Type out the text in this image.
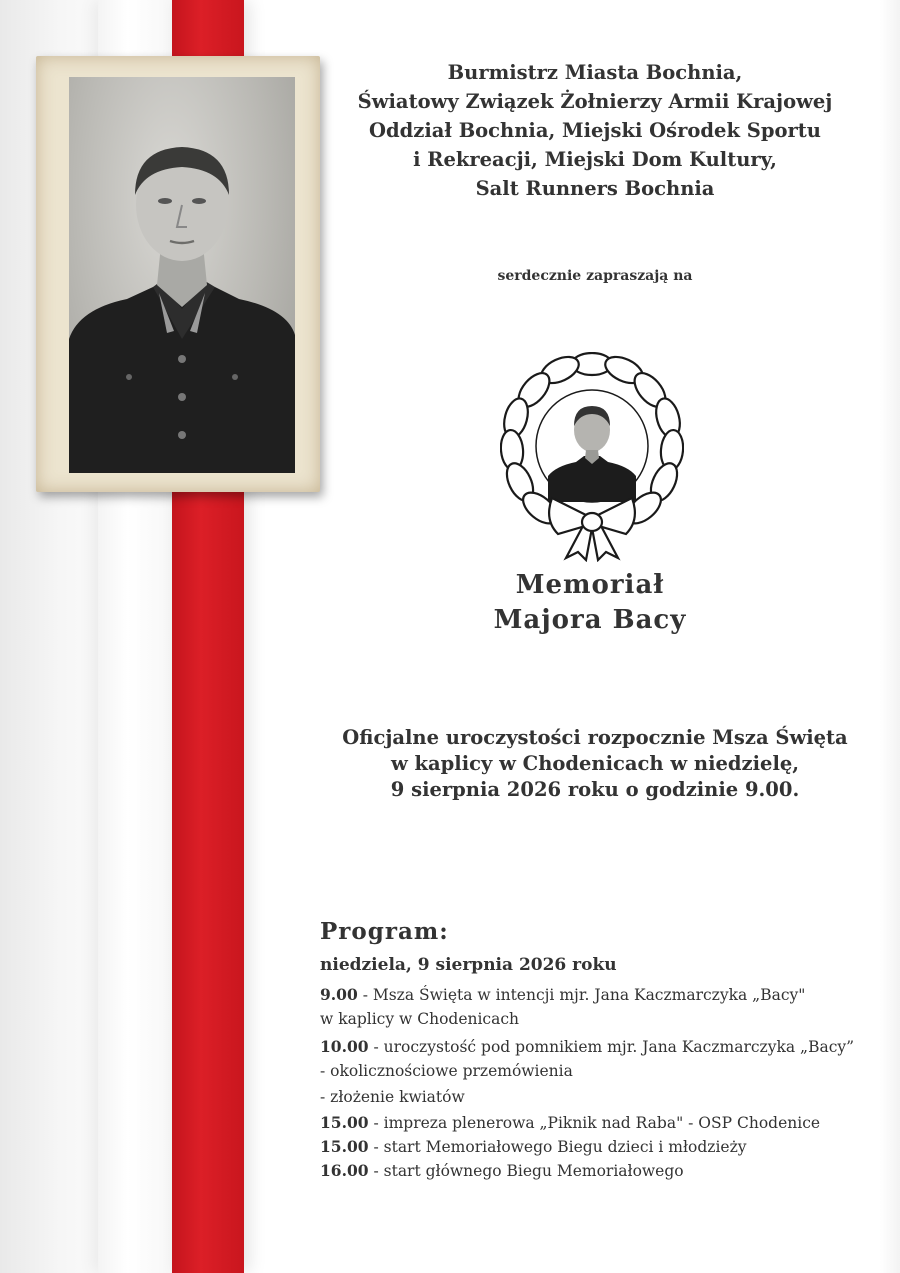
Burmistrz Miasta Bochnia,
Światowy Związek Żołnierzy Armii Krajowej
Oddział Bochnia, Miejski Ośrodek Sportu
i Rekreacji, Miejski Dom Kultury,
Salt Runners Bochnia
serdecznie zapraszają na
Memoriał
Majora Bacy
Oficjalne uroczystości rozpocznie Msza Święta
w kaplicy w Chodenicach w niedzielę,
9 sierpnia 2026 roku o godzinie 9.00.
Program:
niedziela, 9 sierpnia 2026 roku
9.00 - Msza Święta w intencji mjr. Jana Kaczmarczyka „Bacy"
w kaplicy w Chodenicach
10.00 - uroczystość pod pomnikiem mjr. Jana Kaczmarczyka „Bacy”
- okolicznościowe przemówienia
- złożenie kwiatów
15.00 - impreza plenerowa „Piknik nad Raba" - OSP Chodenice
15.00 - start Memoriałowego Biegu dzieci i młodzieży
16.00 - start głównego Biegu Memoriałowego
